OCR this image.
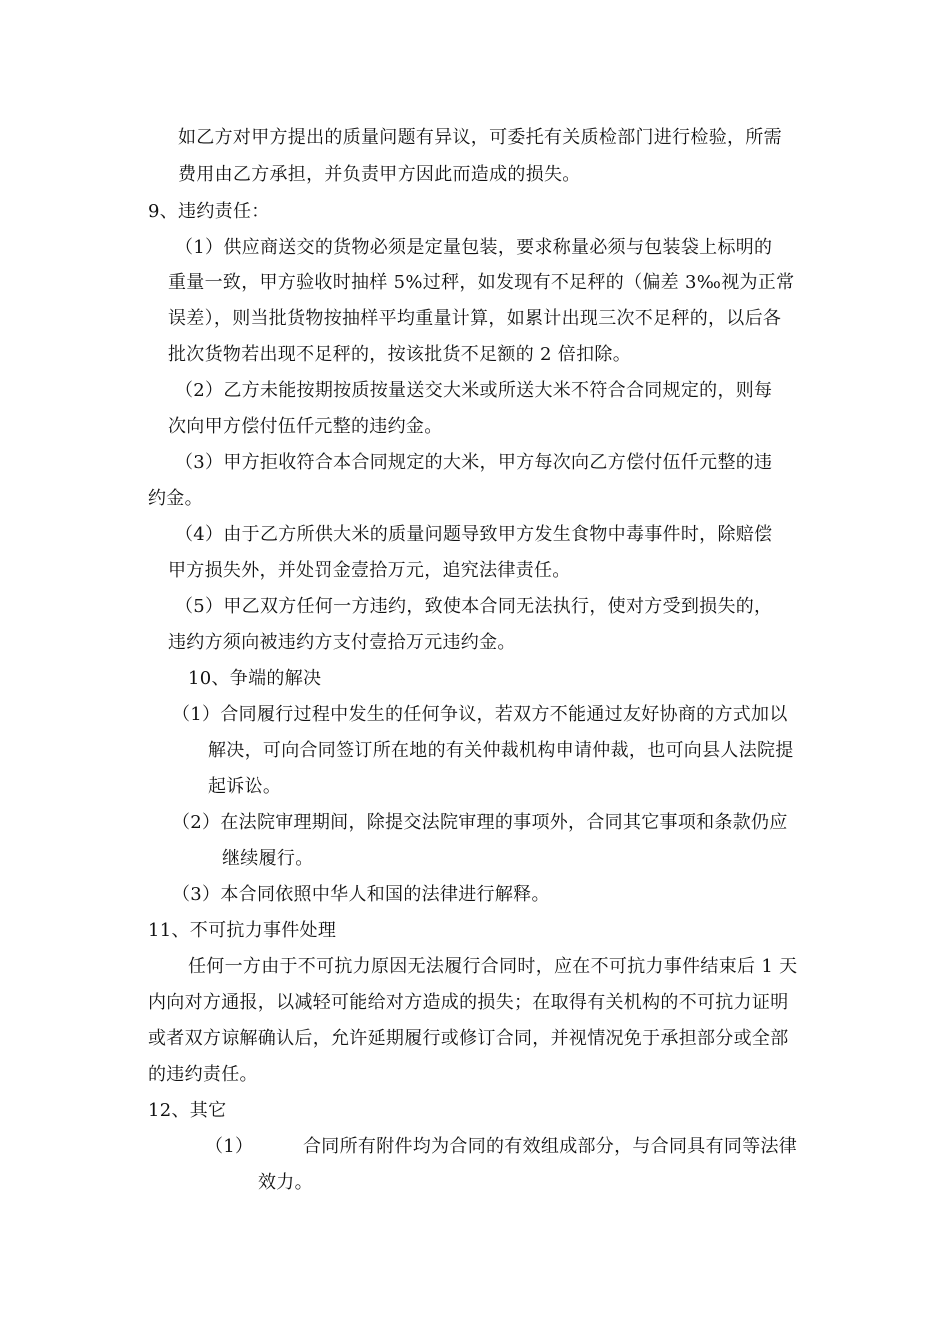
如乙方对甲方提出的质量问题有异议，可委托有关质检部门进行检验，所需
费用由乙方承担，并负责甲方因此而造成的损失。
9、违约责任：
（1）供应商送交的货物必须是定量包装，要求称量必须与包装袋上标明的
重量一致，甲方验收时抽样 5%过秤，如发现有不足秤的（偏差 3‰视为正常
误差），则当批货物按抽样平均重量计算，如累计出现三次不足秤的，以后各
批次货物若出现不足秤的，按该批货不足额的 2 倍扣除。
（2）乙方未能按期按质按量送交大米或所送大米不符合合同规定的，则每
次向甲方偿付伍仟元整的违约金。
（3）甲方拒收符合本合同规定的大米，甲方每次向乙方偿付伍仟元整的违
约金。
（4）由于乙方所供大米的质量问题导致甲方发生食物中毒事件时，除赔偿
甲方损失外，并处罚金壹拾万元，追究法律责任。
（5）甲乙双方任何一方违约，致使本合同无法执行，使对方受到损失的，
违约方须向被违约方支付壹拾万元违约金。
10、争端的解决
（1）合同履行过程中发生的任何争议，若双方不能通过友好协商的方式加以
解决，可向合同签订所在地的有关仲裁机构申请仲裁，也可向县人法院提
起诉讼。
（2）在法院审理期间，除提交法院审理的事项外，合同其它事项和条款仍应
继续履行。
（3）本合同依照中华人和国的法律进行解释。
11、不可抗力事件处理
任何一方由于不可抗力原因无法履行合同时，应在不可抗力事件结束后 1 天
内向对方通报，以减轻可能给对方造成的损失；在取得有关机构的不可抗力证明
或者双方谅解确认后，允许延期履行或修订合同，并视情况免于承担部分或全部
的违约责任。
12、其它
（1）	合同所有附件均为合同的有效组成部分，与合同具有同等法律
效力。
